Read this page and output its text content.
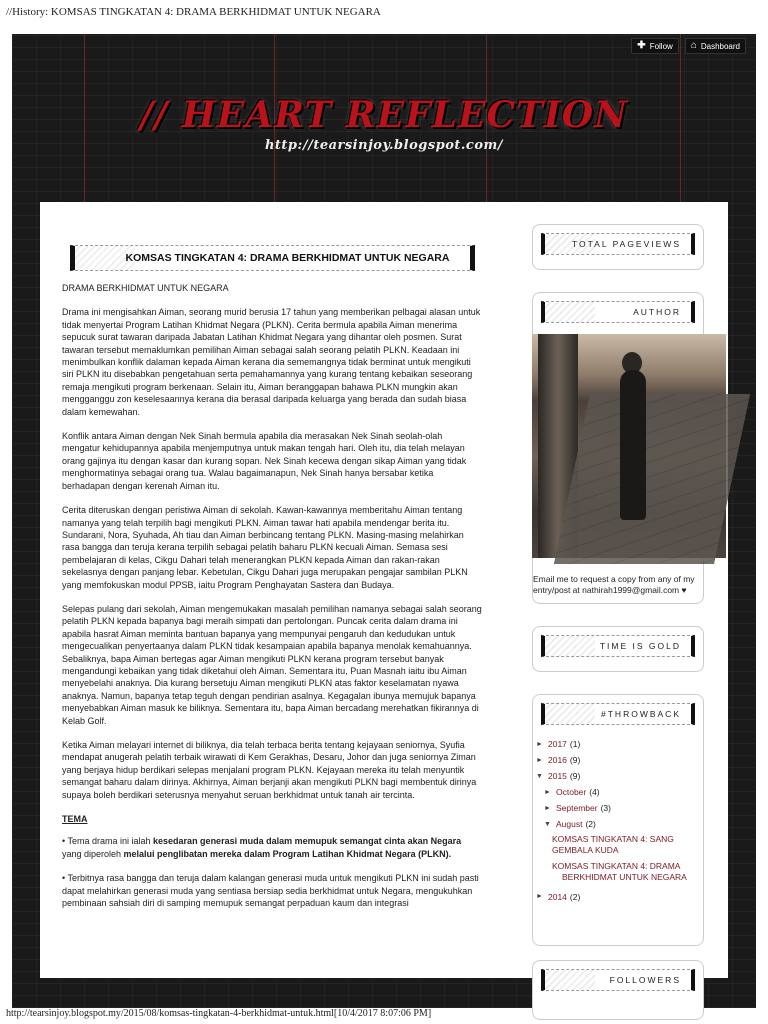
//History: KOMSAS TINGKATAN 4: DRAMA BERKHIDMAT UNTUK NEGARA
✚ Follow ⌂ Dashboard
// HEART REFLECTION
http://tearsinjoy.blogspot.com/
KOMSAS TINGKATAN 4: DRAMA BERKHIDMAT UNTUK NEGARA

DRAMA BERKHIDMAT UNTUK NEGARA

Drama ini mengisahkan Aiman, seorang murid berusia 17 tahun yang memberikan pelbagai alasan untuk tidak menyertai Program Latihan Khidmat Negara (PLKN). Cerita bermula apabila Aiman menerima sepucuk surat tawaran daripada Jabatan Latihan Khidmat Negara yang dihantar oleh posmen. Surat tawaran tersebut memaklumkan pemilihan Aiman sebagai salah seorang pelatih PLKN. Keadaan ini menimbulkan konflik dalaman kepada Aiman kerana dia sememangnya tidak berminat untuk mengikuti siri PLKN itu disebabkan pengetahuan serta pemahamannya yang kurang tentang kebaikan seseorang remaja mengikuti program berkenaan. Selain itu, Aiman beranggapan bahawa PLKN mungkin akan mengganggu zon keselesaannya kerana dia berasal daripada keluarga yang berada dan sudah biasa dalam kemewahan.

Konflik antara Aiman dengan Nek Sinah bermula apabila dia merasakan Nek Sinah seolah-olah mengatur kehidupannya apabila menjemputnya untuk makan tengah hari. Oleh itu, dia telah melayan orang gajinya itu dengan kasar dan kurang sopan. Nek Sinah kecewa dengan sikap Aiman yang tidak menghormatinya sebagai orang tua. Walau bagaimanapun, Nek Sinah hanya bersabar ketika berhadapan dengan kerenah Aiman itu.

Cerita diteruskan dengan peristiwa Aiman di sekolah. Kawan-kawannya memberitahu Aiman tentang namanya yang telah terpilih bagi mengikuti PLKN. Aiman tawar hati apabila mendengar berita itu. Sundarani, Nora, Syuhada, Ah tiau dan Aiman berbincang tentang PLKN. Masing-masing melahirkan rasa bangga dan teruja kerana terpilih sebagai pelatih baharu PLKN kecuali Aiman. Semasa sesi pembelajaran di kelas, Cikgu Dahari telah menerangkan PLKN kepada Aiman dan rakan-rakan sekelasnya dengan panjang lebar. Kebetulan, Cikgu Dahari juga merupakan pengajar sambilan PLKN yang memfokuskan modul PPSB, iaitu Program Penghayatan Sastera dan Budaya.

Selepas pulang dari sekolah, Aiman mengemukakan masalah pemilihan namanya sebagai salah seorang pelatih PLKN kepada bapanya bagi meraih simpati dan pertolongan. Puncak cerita dalam drama ini apabila hasrat Aiman meminta bantuan bapanya yang mempunyai pengaruh dan kedudukan untuk mengecualikan penyertaanya dalam PLKN tidak kesampaian apabila bapanya menolak kemahuannya. Sebaliknya, bapa Aiman bertegas agar Aiman mengikuti PLKN kerana program tersebut banyak mengandungi kebaikan yang tidak diketahui oleh Aiman. Sementara itu, Puan Masnah iaitu ibu Aiman menyebelahi anaknya. Dia kurang bersetuju Aiman mengikuti PLKN atas faktor keselamatan nyawa anaknya. Namun, bapanya tetap teguh dengan pendirian asalnya. Kegagalan ibunya memujuk bapanya menyebabkan Aiman masuk ke biliknya. Sementara itu, bapa Aiman bercadang merehatkan fikirannya di Kelab Golf.

Ketika Aiman melayari internet di biliknya, dia telah terbaca berita tentang kejayaan seniornya, Syufia mendapat anugerah pelatih terbaik wirawati di Kem Gerakhas, Desaru, Johor dan juga seniornya Ziman yang berjaya hidup berdikari selepas menjalani program PLKN. Kejayaan mereka itu telah menyuntik semangat baharu dalam dirinya. Akhirnya, Aiman berjanji akan mengikuti PLKN bagi membentuk dirinya supaya boleh berdikari seterusnya menyahut seruan berkhidmat untuk tanah air tercinta.

TEMA

• Tema drama ini ialah kesedaran generasi muda dalam memupuk semangat cinta akan Negara yang diperoleh melalui penglibatan mereka dalam Program Latihan Khidmat Negara (PLKN).

• Terbitnya rasa bangga dan teruja dalam kalangan generasi muda untuk mengikuti PLKN ini sudah pasti dapat melahirkan generasi muda yang sentiasa bersiap sedia berkhidmat untuk Negara, mengukuhkan pembinaan sahsiah diri di samping memupuk semangat perpaduan kaum dan integrasi

TOTAL PAGEVIEWS
AUTHOR
Email me to request a copy from any of my entry/post at nathirah1999@gmail.com ♥
TIME IS GOLD
#THROWBACK
► 2017 (1)
► 2016 (9)
▼ 2015 (9)
► October (4)
► September (3)
▼ August (2)
KOMSAS TINGKATAN 4: SANG GEMBALA KUDA
KOMSAS TINGKATAN 4: DRAMA BERKHIDMAT UNTUK NEGARA
► 2014 (2)
FOLLOWERS
http://tearsinjoy.blogspot.my/2015/08/komsas-tingkatan-4-berkhidmat-untuk.html[10/4/2017 8:07:06 PM]
